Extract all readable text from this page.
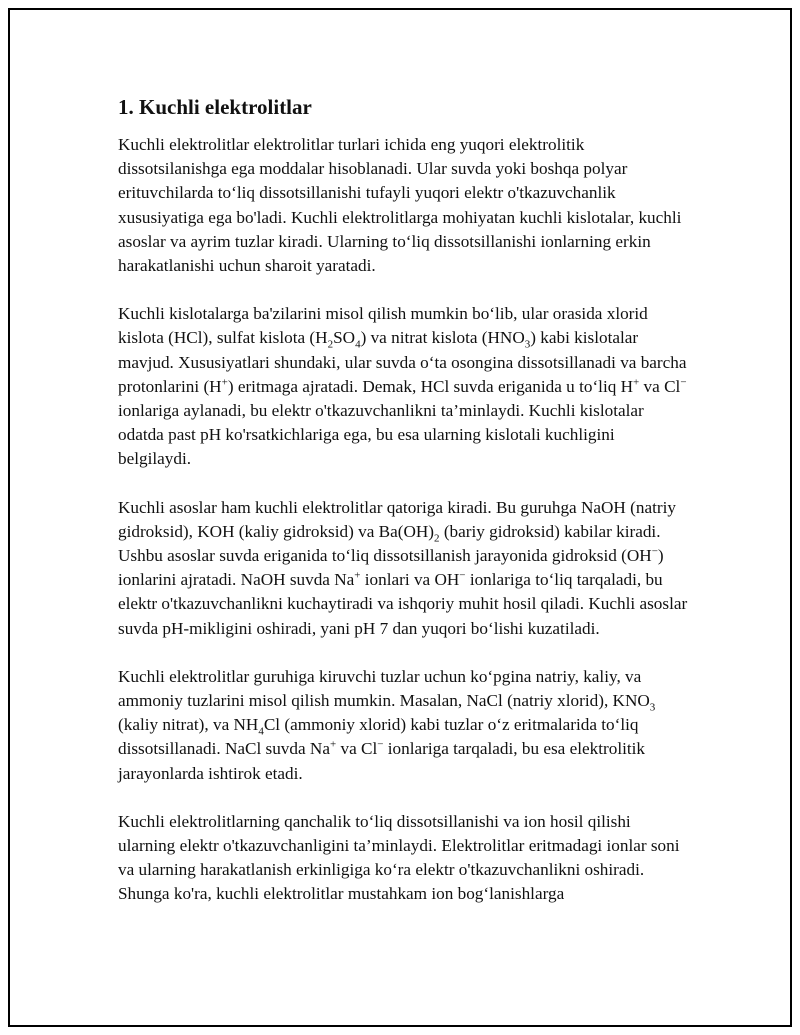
1. Kuchli elektrolitlar

Kuchli elektrolitlar elektrolitlar turlari ichida eng yuqori elektrolitik dissotsilanishga ega moddalar hisoblanadi. Ular suvda yoki boshqa polyar erituvchilarda to‘liq dissotsillanishi tufayli yuqori elektr o'tkazuvchanlik xususiyatiga ega bo'ladi. Kuchli elektrolitlarga mohiyatan kuchli kislotalar, kuchli asoslar va ayrim tuzlar kiradi. Ularning to‘liq dissotsillanishi ionlarning erkin harakatlanishi uchun sharoit yaratadi.

Kuchli kislotalarga ba'zilarini misol qilish mumkin bo‘lib, ular orasida xlorid kislota (HCl), sulfat kislota $(H_2SO_4)$ va nitrat kislota $(HNO_3)$ kabi kislotalar mavjud. Xususiyatlari shundaki, ular suvda o‘ta osongina dissotsillanadi va barcha protonlarini (H+) eritmaga ajratadi. Demak, HCl suvda eriganida u to‘liq H+ va Cl− ionlariga aylanadi, bu elektr o'tkazuvchanlikni ta’minlaydi. Kuchli kislotalar odatda past pH ko'rsatkichlariga ega, bu esa ularning kislotali kuchligini belgilaydi.

Kuchli asoslar ham kuchli elektrolitlar qatoriga kiradi. Bu guruhga NaOH (natriy gidroksid), KOH (kaliy gidroksid) va $Ba(OH)_2$ (bariy gidroksid) kabilar kiradi. Ushbu asoslar suvda eriganida to‘liq dissotsillanish jarayonida gidroksid (OH−) ionlarini ajratadi. NaOH suvda Na+ ionlari va OH− ionlariga to‘liq tarqaladi, bu elektr o'tkazuvchanlikni kuchaytiradi va ishqoriy muhit hosil qiladi. Kuchli asoslar suvda pH-mikligini oshiradi, yani pH 7 dan yuqori bo‘lishi kuzatiladi.

Kuchli elektrolitlar guruhiga kiruvchi tuzlar uchun ko‘pgina natriy, kaliy, va ammoniy tuzlarini misol qilish mumkin. Masalan, NaCl (natriy xlorid), $KNO_3$ (kaliy nitrat), va $NH_4Cl$ (ammoniy xlorid) kabi tuzlar o‘z eritmalarida to‘liq dissotsillanadi. NaCl suvda Na+ va Cl− ionlariga tarqaladi, bu esa elektrolitik jarayonlarda ishtirok etadi.

Kuchli elektrolitlarning qanchalik to‘liq dissotsillanishi va ion hosil qilishi ularning elektr o'tkazuvchanligini ta’minlaydi. Elektrolitlar eritmadagi ionlar soni va ularning harakatlanish erkinligiga ko‘ra elektr o'tkazuvchanlikni oshiradi. Shunga ko'ra, kuchli elektrolitlar mustahkam ion bog‘lanishlarga
